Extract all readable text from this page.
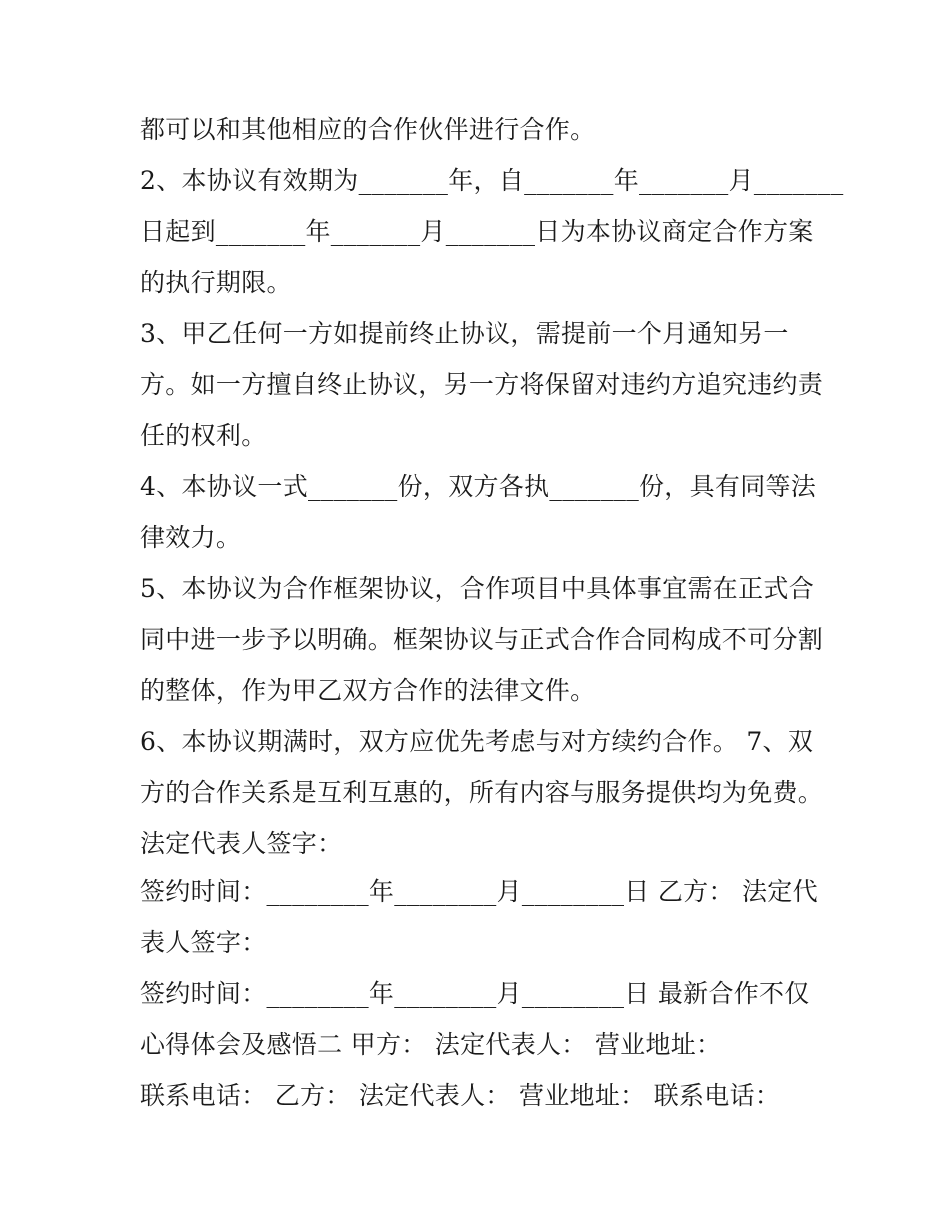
都可以和其他相应的合作伙伴进行合作。
2、本协议有效期为_______年，自_______年_______月_______
日起到_______年_______月_______日为本协议商定合作方案
的执行期限。
3、甲乙任何一方如提前终止协议，需提前一个月通知另一
方。如一方擅自终止协议，另一方将保留对违约方追究违约责
任的权利。
4、本协议一式_______份，双方各执_______份，具有同等法
律效力。
5、本协议为合作框架协议，合作项目中具体事宜需在正式合
同中进一步予以明确。框架协议与正式合作合同构成不可分割
的整体，作为甲乙双方合作的法律文件。
6、本协议期满时，双方应优先考虑与对方续约合作。 7、双
方的合作关系是互利互惠的，所有内容与服务提供均为免费。
法定代表人签字：
签约时间：________年________月________日 乙方： 法定代
表人签字：
签约时间：________年________月________日 最新合作不仅
心得体会及感悟二 甲方： 法定代表人： 营业地址：
联系电话： 乙方： 法定代表人： 营业地址： 联系电话：
